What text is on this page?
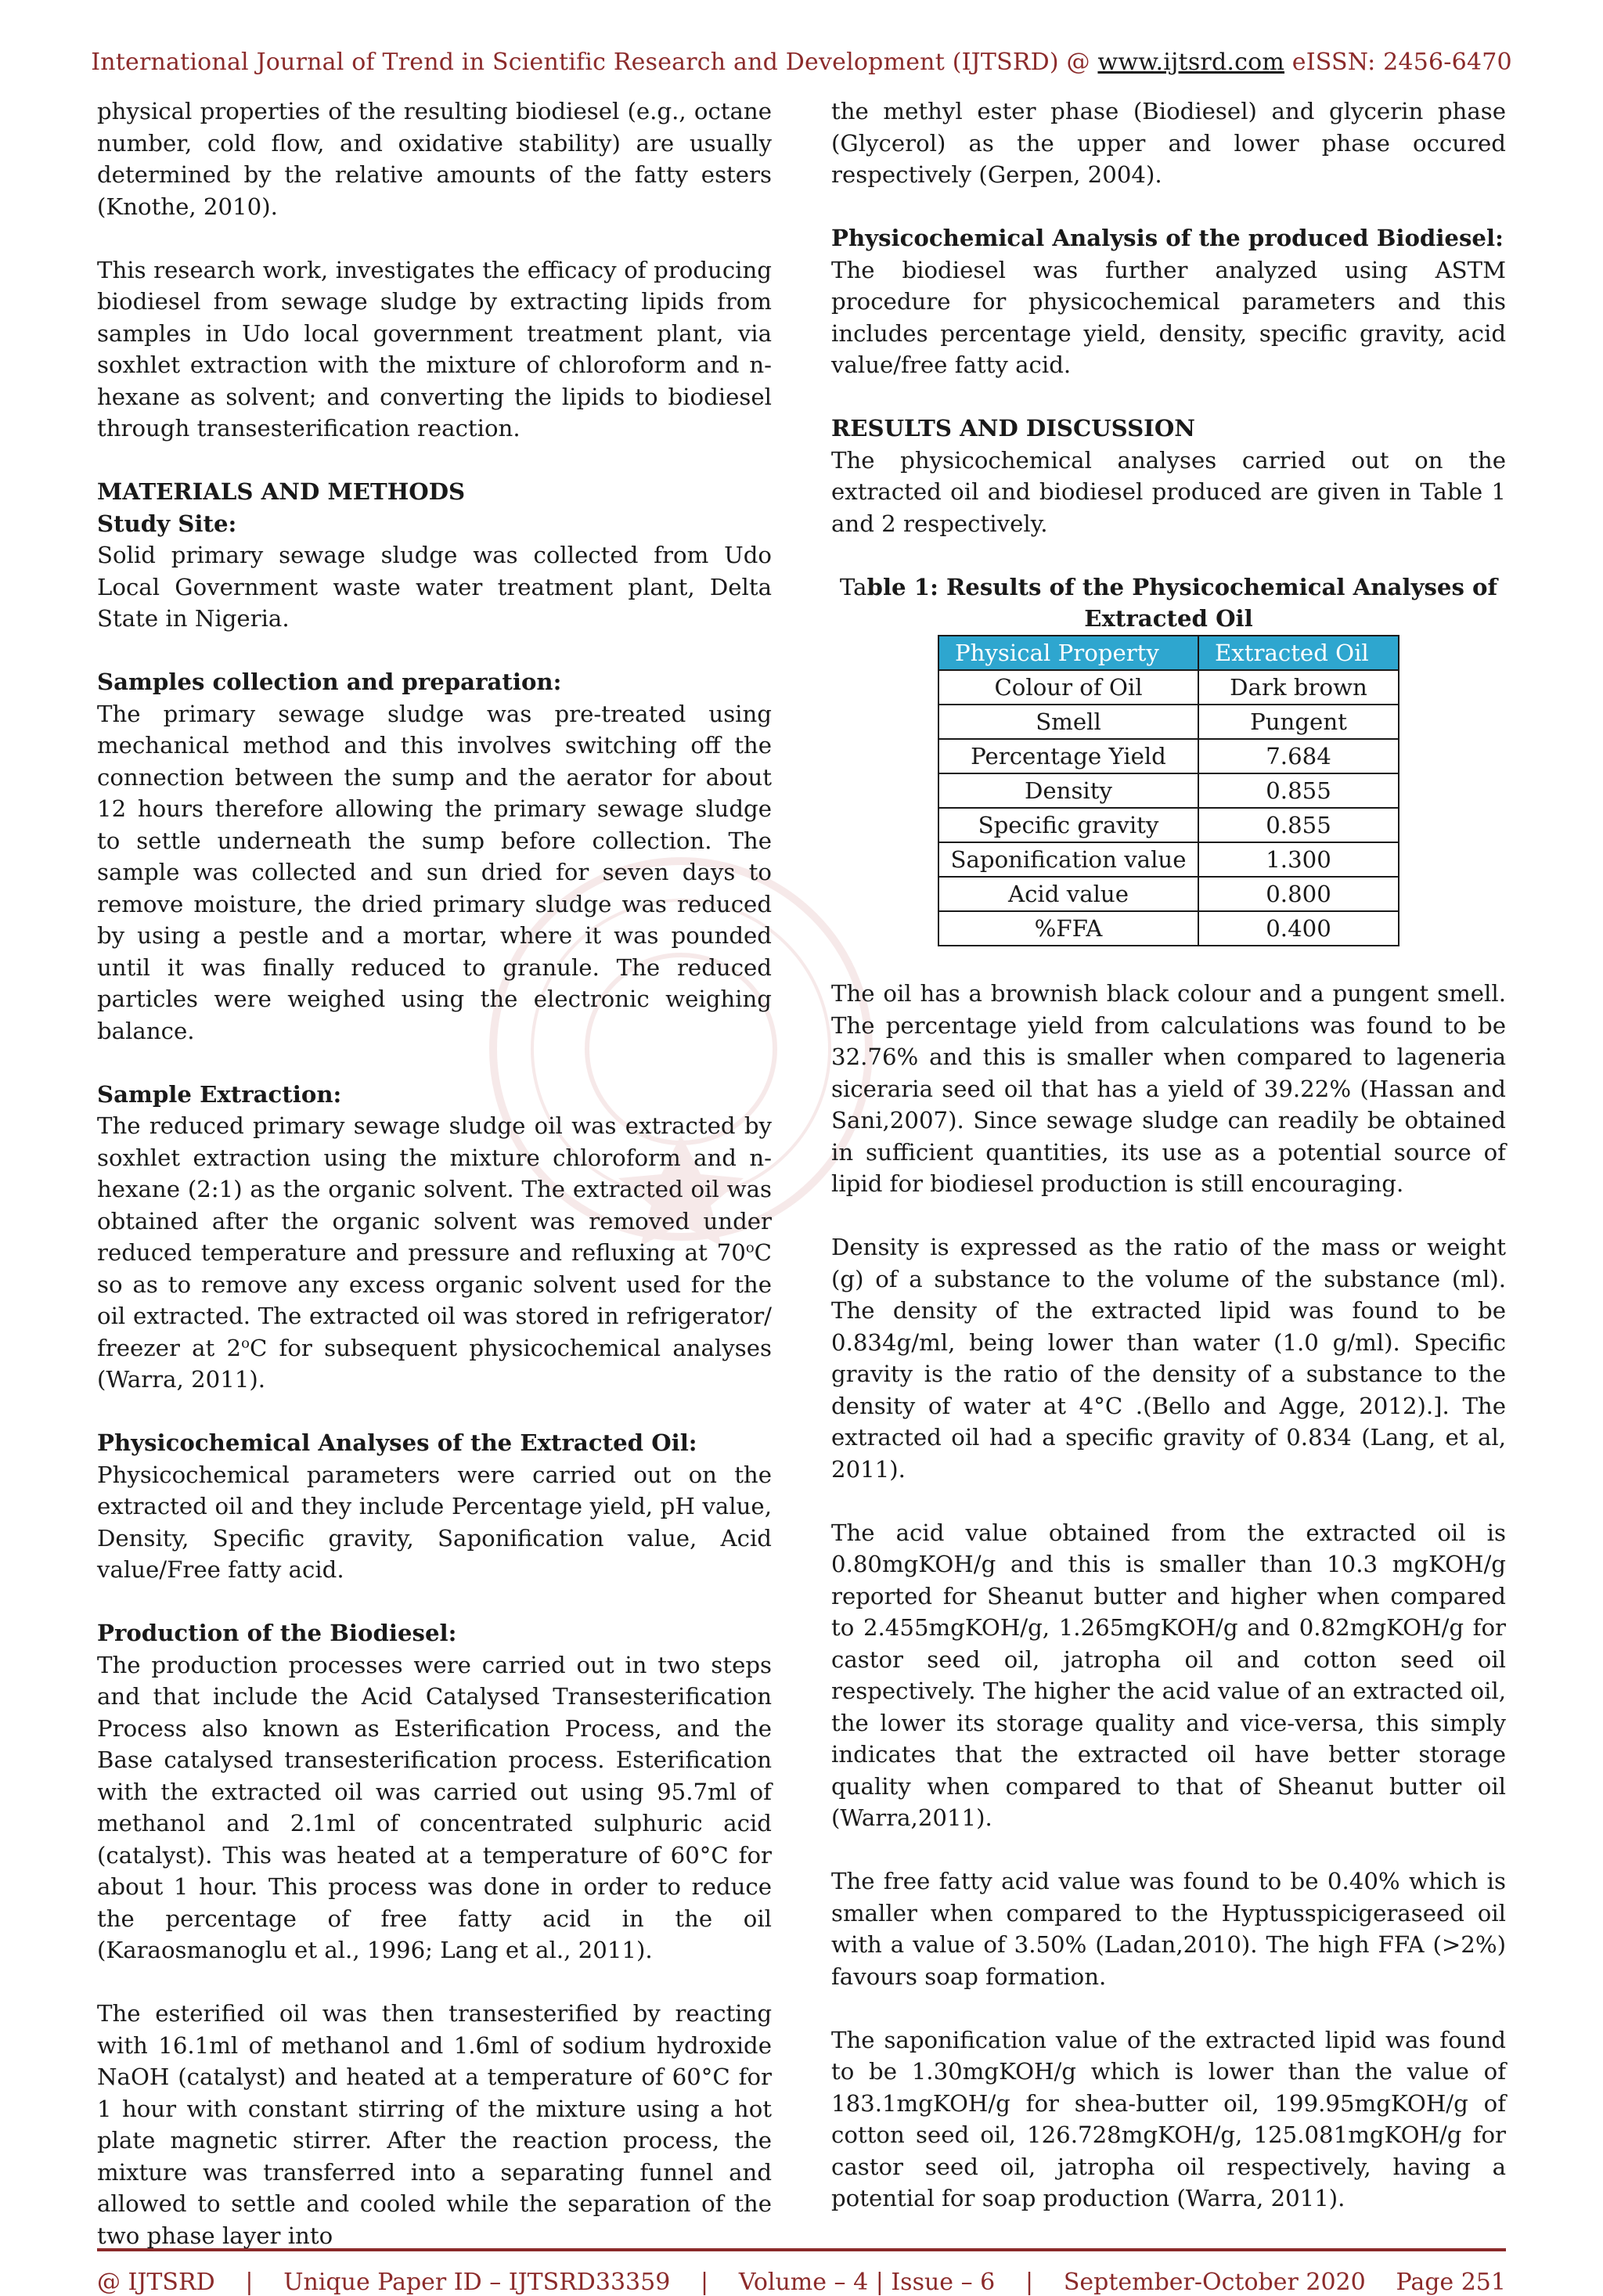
International Journal of Trend in Scientific Research and Development (IJTSRD) @ www.ijtsrd.com eISSN: 2456-6470

physical properties of the resulting biodiesel (e.g., octane number, cold flow, and oxidative stability) are usually determined by the relative amounts of the fatty esters (Knothe, 2010).

This research work, investigates the efficacy of producing biodiesel from sewage sludge by extracting lipids from samples in Udo local government treatment plant, via soxhlet extraction with the mixture of chloroform and n-hexane as solvent; and converting the lipids to biodiesel through transesterification reaction.

MATERIALS AND METHODS
Study Site:

Solid primary sewage sludge was collected from Udo Local Government waste water treatment plant, Delta State in Nigeria.

Samples collection and preparation:

The primary sewage sludge was pre-treated using mechanical method and this involves switching off the connection between the sump and the aerator for about 12 hours therefore allowing the primary sewage sludge to settle underneath the sump before collection. The sample was collected and sun dried for seven days to remove moisture, the dried primary sludge was reduced by using a pestle and a mortar, where it was pounded until it was finally reduced to granule. The reduced particles were weighed using the electronic weighing balance.

Sample Extraction:

The reduced primary sewage sludge oil was extracted by soxhlet extraction using the mixture chloroform and n-hexane (2:1) as the organic solvent. The extracted oil was obtained after the organic solvent was removed under reduced temperature and pressure and refluxing at 70$^o$C so as to remove any excess organic solvent used for the oil extracted. The extracted oil was stored in refrigerator/ freezer at 2$^o$C for subsequent physicochemical analyses (Warra, 2011).

Physicochemical Analyses of the Extracted Oil:

Physicochemical parameters were carried out on the extracted oil and they include Percentage yield, pH value, Density, Specific gravity, Saponification value, Acid value/Free fatty acid.

Production of the Biodiesel:

The production processes were carried out in two steps and that include the Acid Catalysed Transesterification Process also known as Esterification Process, and the Base catalysed transesterification process. Esterification with the extracted oil was carried out using 95.7ml of methanol and 2.1ml of concentrated sulphuric acid (catalyst). This was heated at a temperature of 60°C for about 1 hour. This process was done in order to reduce the percentage of free fatty acid in the oil (Karaosmanoglu et al., 1996; Lang et al., 2011).

The esterified oil was then transesterified by reacting with 16.1ml of methanol and 1.6ml of sodium hydroxide NaOH (catalyst) and heated at a temperature of 60°C for 1 hour with constant stirring of the mixture using a hot plate magnetic stirrer. After the reaction process, the mixture was transferred into a separating funnel and allowed to settle and cooled while the separation of the two phase layer into

the methyl ester phase (Biodiesel) and glycerin phase (Glycerol) as the upper and lower phase occured respectively (Gerpen, 2004).

Physicochemical Analysis of the produced Biodiesel:

The biodiesel was further analyzed using ASTM procedure for physicochemical parameters and this includes percentage yield, density, specific gravity, acid value/free fatty acid.

RESULTS AND DISCUSSION

The physicochemical analyses carried out on the extracted oil and biodiesel produced are given in Table 1 and 2 respectively.

Table 1: Results of the Physicochemical Analyses of Extracted Oil
Physical Property	Extracted Oil
Colour of Oil	Dark brown
Smell	Pungent
Percentage Yield	7.684
Density	0.855
Specific gravity	0.855
Saponification value	1.300
Acid value	0.800
%FFA	0.400

The oil has a brownish black colour and a pungent smell. The percentage yield from calculations was found to be 32.76% and this is smaller when compared to lageneria siceraria seed oil that has a yield of 39.22% (Hassan and Sani,2007). Since sewage sludge can readily be obtained in sufficient quantities, its use as a potential source of lipid for biodiesel production is still encouraging.

Density is expressed as the ratio of the mass or weight (g) of a substance to the volume of the substance (ml). The density of the extracted lipid was found to be 0.834g/ml, being lower than water (1.0 g/ml). Specific gravity is the ratio of the density of a substance to the density of water at 4°C .(Bello and Agge, 2012).]. The extracted oil had a specific gravity of 0.834 (Lang, et al, 2011).

The acid value obtained from the extracted oil is 0.80mgKOH/g and this is smaller than 10.3 mgKOH/g reported for Sheanut butter and higher when compared to 2.455mgKOH/g, 1.265mgKOH/g and 0.82mgKOH/g for castor seed oil, jatropha oil and cotton seed oil respectively. The higher the acid value of an extracted oil, the lower its storage quality and vice-versa, this simply indicates that the extracted oil have better storage quality when compared to that of Sheanut butter oil (Warra,2011).

The free fatty acid value was found to be 0.40% which is smaller when compared to the Hyptusspicigeraseed oil with a value of 3.50% (Ladan,2010). The high FFA (>2%) favours soap formation.

The saponification value of the extracted lipid was found to be 1.30mgKOH/g which is lower than the value of 183.1mgKOH/g for shea-butter oil, 199.95mgKOH/g of cotton seed oil, 126.728mgKOH/g, 125.081mgKOH/g for castor seed oil, jatropha oil respectively, having a potential for soap production (Warra, 2011).

@ IJTSRD | Unique Paper ID – IJTSRD33359 | Volume – 4 | Issue – 6 | September-October 2020 Page 251
